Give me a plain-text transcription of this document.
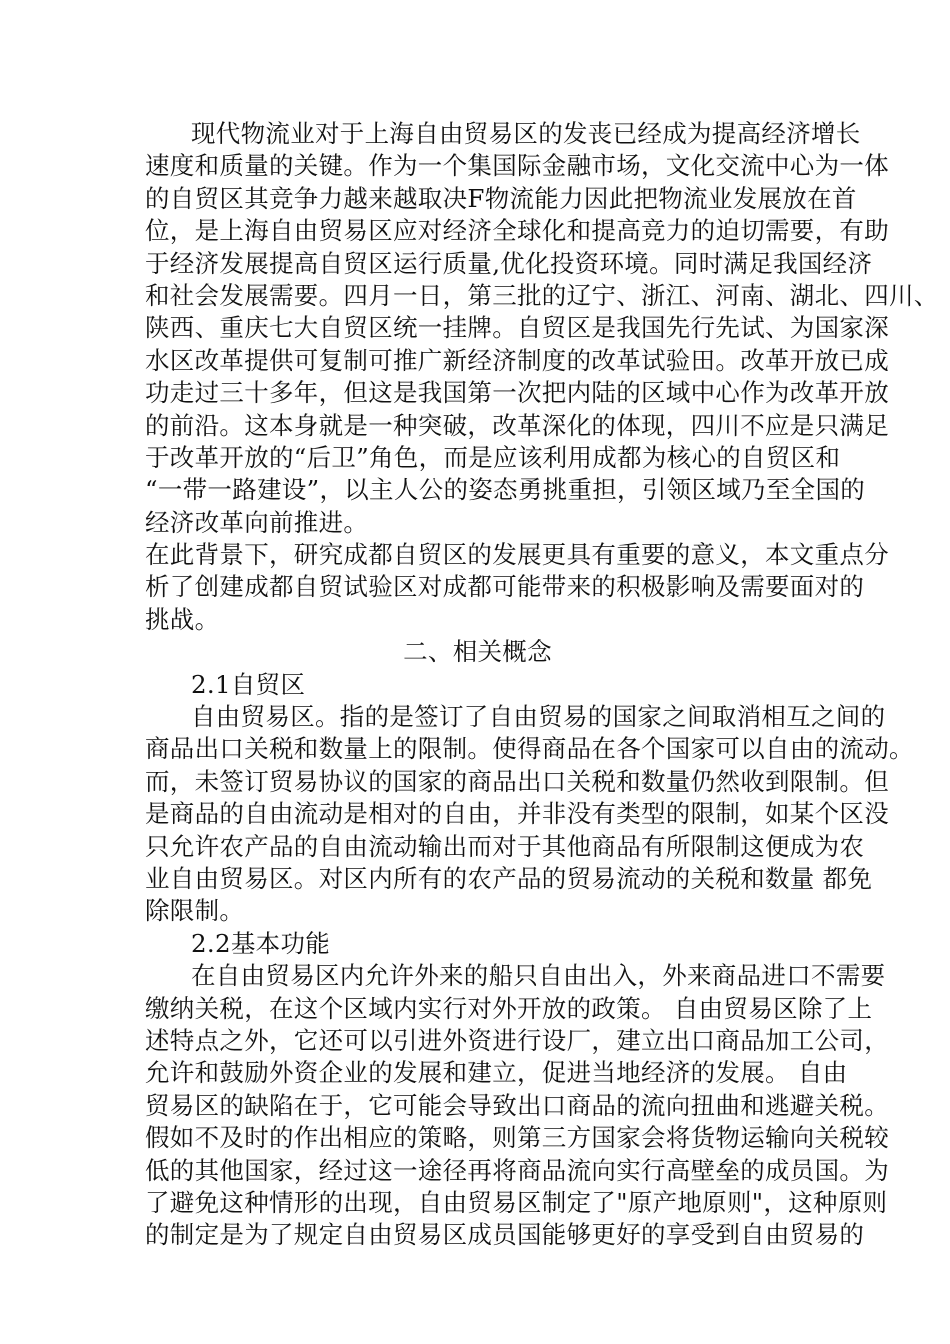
现代物流业对于上海自由贸易区的发丧已经成为提高经济增长
速度和质量的关键。作为一个集国际金融市场，文化交流中心为一体
的自贸区其竞争力越来越取决F物流能力因此把物流业发展放在首
位，是上海自由贸易区应对经济全球化和提高竞力的迫切需要，有助
于经济发展提高自贸区运行质量,优化投资环境。同时满足我国经济
和社会发展需要。四月一日，第三批的辽宁、浙江、河南、湖北、四川、
陕西、重庆七大自贸区统一挂牌。自贸区是我国先行先试、为国家深
水区改革提供可复制可推广新经济制度的改革试验田。改革开放已成
功走过三十多年，但这是我国第一次把内陆的区域中心作为改革开放
的前沿。这本身就是一种突破，改革深化的体现，四川不应是只满足
于改革开放的“后卫”角色，而是应该利用成都为核心的自贸区和
“一带一路建设”，以主人公的姿态勇挑重担，引领区域乃至全国的
经济改革向前推进。
在此背景下，研究成都自贸区的发展更具有重要的意义，本文重点分
析了创建成都自贸试验区对成都可能带来的积极影响及需要面对的
挑战。
二、相关概念
2.1自贸区
自由贸易区。指的是签订了自由贸易的国家之间取消相互之间的
商品出口关税和数量上的限制。使得商品在各个国家可以自由的流动。
而，未签订贸易协议的国家的商品出口关税和数量仍然收到限制。但
是商品的自由流动是相对的自由，并非没有类型的限制，如某个区没
只允许农产品的自由流动输出而对于其他商品有所限制这便成为农
业自由贸易区。对区内所有的农产品的贸易流动的关税和数量 都免
除限制。
2.2基本功能
在自由贸易区内允许外来的船只自由出入，外来商品进口不需要
缴纳关税，在这个区域内实行对外开放的政策。 自由贸易区除了上
述特点之外，它还可以引进外资进行设厂，建立出口商品加工公司，
允许和鼓励外资企业的发展和建立，促进当地经济的发展。 自由
贸易区的缺陷在于，它可能会导致出口商品的流向扭曲和逃避关税。
假如不及时的作出相应的策略，则第三方国家会将货物运输向关税较
低的其他国家，经过这一途径再将商品流向实行高壁垒的成员国。为
了避免这种情形的出现，自由贸易区制定了"原产地原则"，这种原则
的制定是为了规定自由贸易区成员国能够更好的享受到自由贸易的
